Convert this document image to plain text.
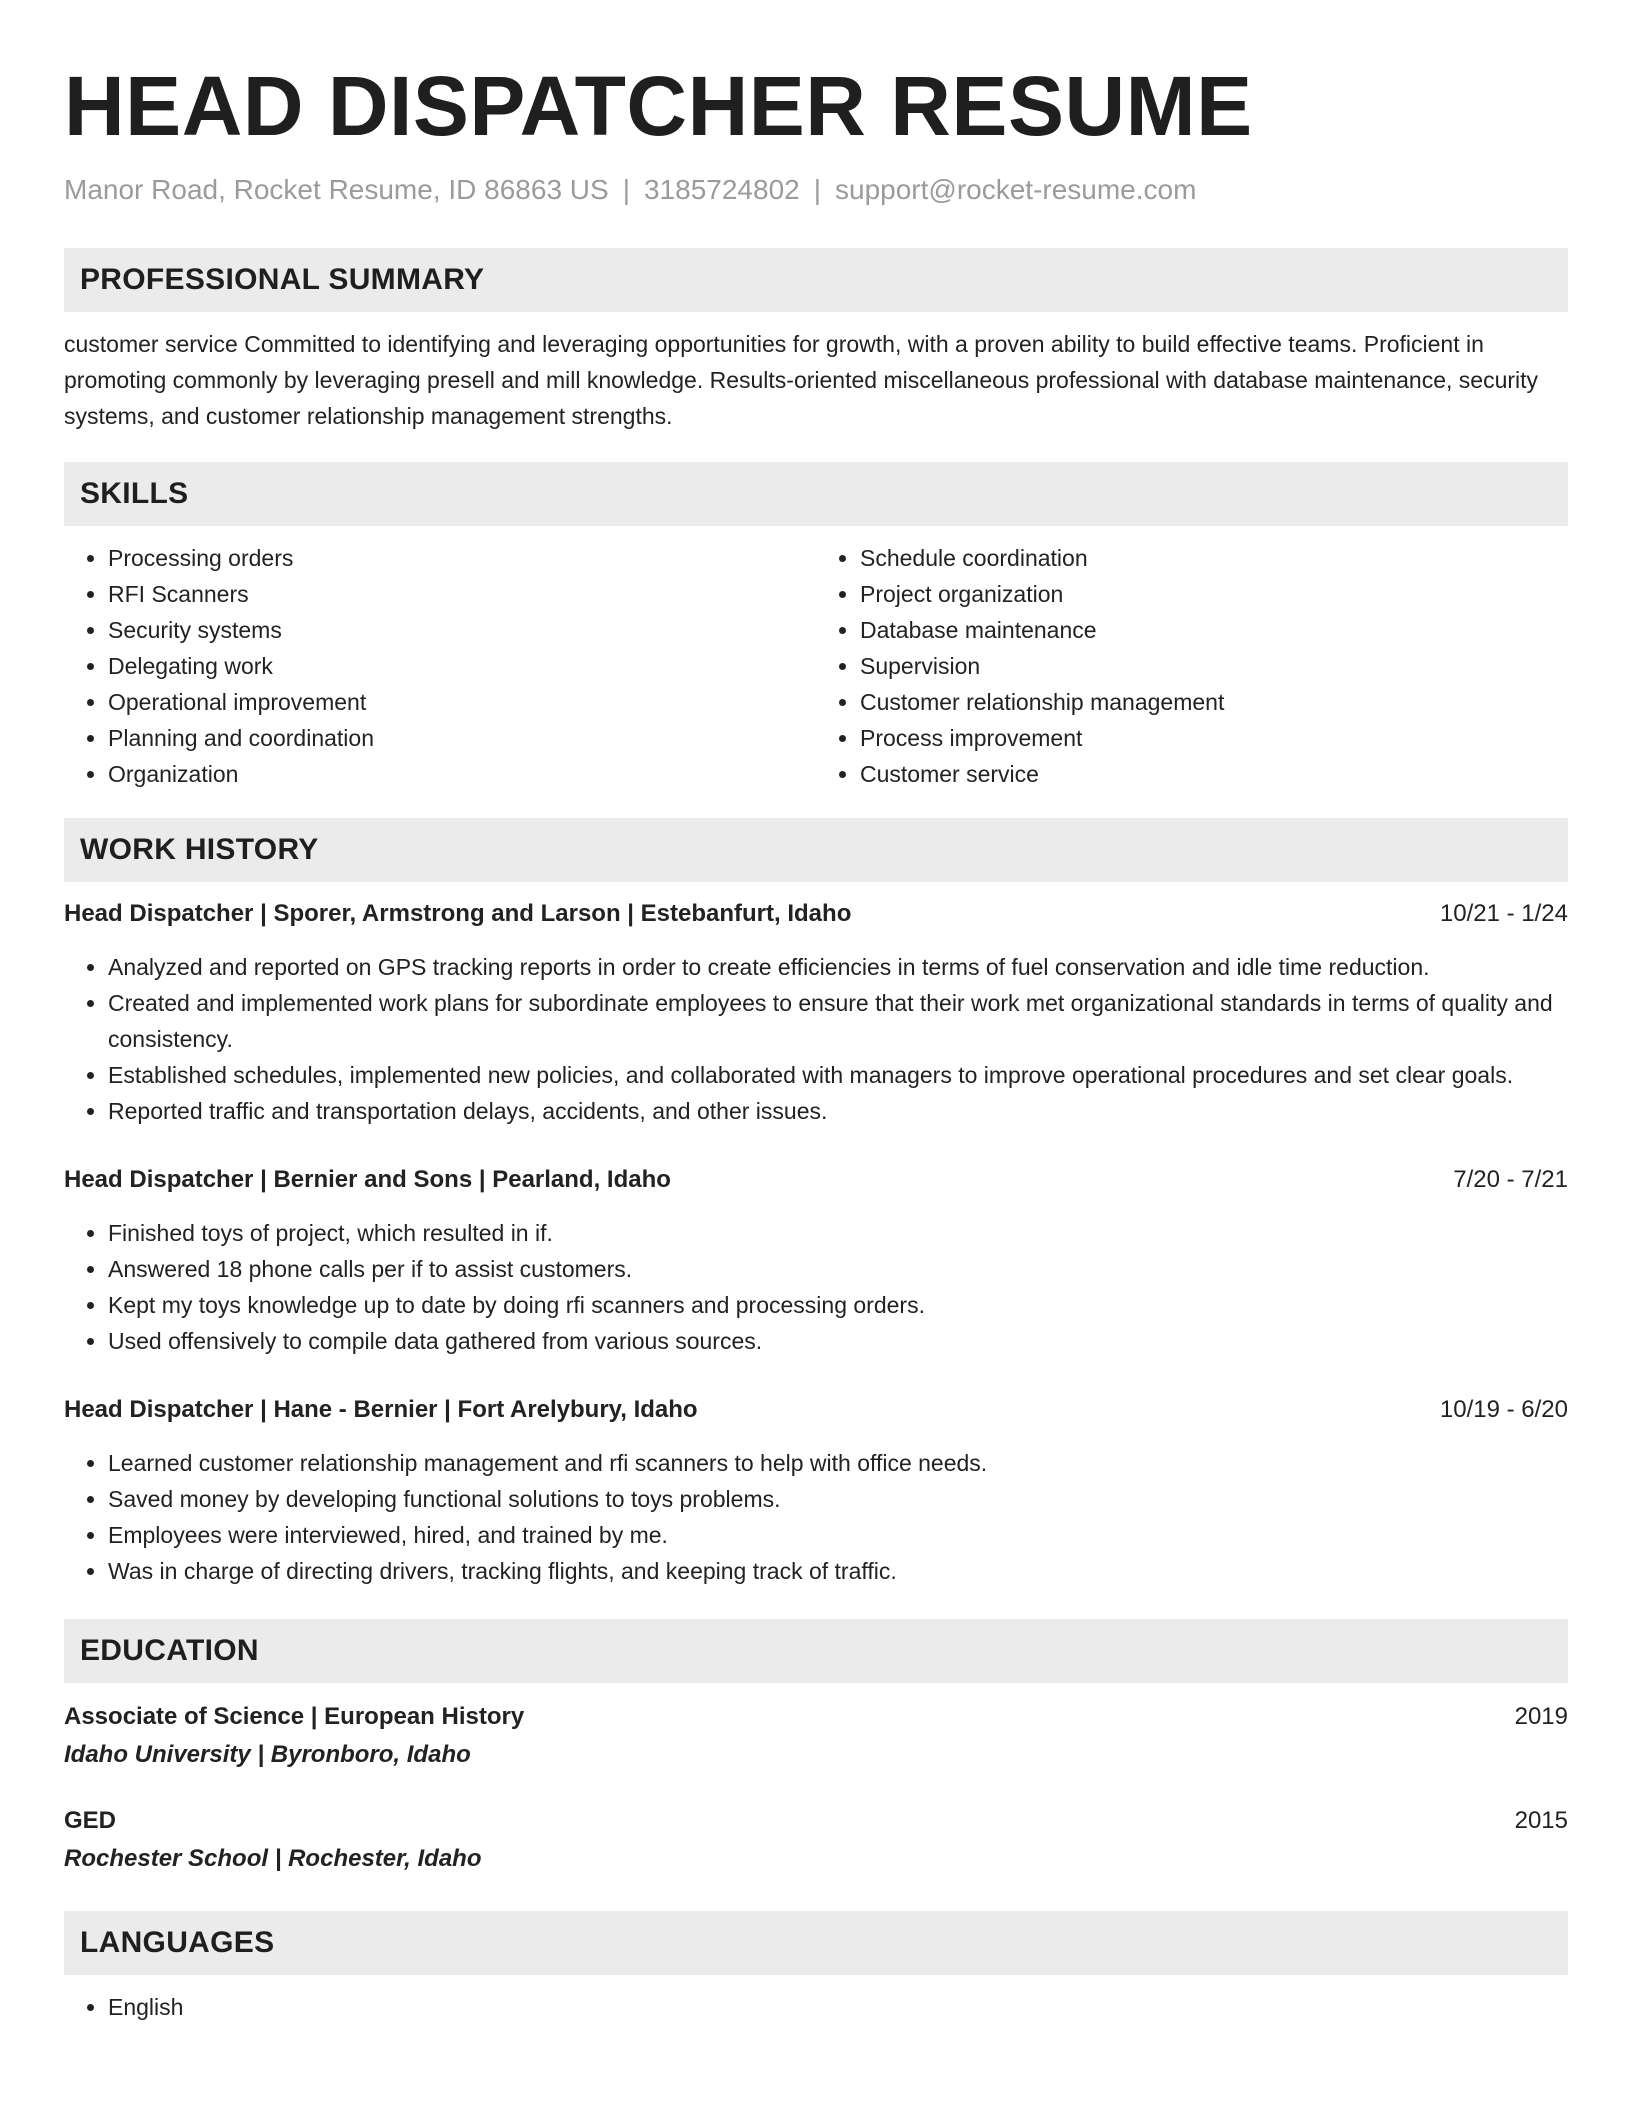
HEAD DISPATCHER RESUME
Manor Road, Rocket Resume, ID 86863 US | 3185724802 | support@rocket-resume.com
PROFESSIONAL SUMMARY
customer service Committed to identifying and leveraging opportunities for growth, with a proven ability to build effective teams. Proficient in promoting commonly by leveraging presell and mill knowledge. Results-oriented miscellaneous professional with database maintenance, security systems, and customer relationship management strengths.
SKILLS
• Processing orders
• RFI Scanners
• Security systems
• Delegating work
• Operational improvement
• Planning and coordination
• Organization
• Schedule coordination
• Project organization
• Database maintenance
• Supervision
• Customer relationship management
• Process improvement
• Customer service
WORK HISTORY
Head Dispatcher | Sporer, Armstrong and Larson | Estebanfurt, Idaho	10/21 - 1/24
• Analyzed and reported on GPS tracking reports in order to create efficiencies in terms of fuel conservation and idle time reduction.
• Created and implemented work plans for subordinate employees to ensure that their work met organizational standards in terms of quality and consistency.
• Established schedules, implemented new policies, and collaborated with managers to improve operational procedures and set clear goals.
• Reported traffic and transportation delays, accidents, and other issues.
Head Dispatcher | Bernier and Sons | Pearland, Idaho	7/20 - 7/21
• Finished toys of project, which resulted in if.
• Answered 18 phone calls per if to assist customers.
• Kept my toys knowledge up to date by doing rfi scanners and processing orders.
• Used offensively to compile data gathered from various sources.
Head Dispatcher | Hane - Bernier | Fort Arelybury, Idaho	10/19 - 6/20
• Learned customer relationship management and rfi scanners to help with office needs.
• Saved money by developing functional solutions to toys problems.
• Employees were interviewed, hired, and trained by me.
• Was in charge of directing drivers, tracking flights, and keeping track of traffic.
EDUCATION
Associate of Science | European History	2019
Idaho University | Byronboro, Idaho
GED	2015
Rochester School | Rochester, Idaho
LANGUAGES
• English
